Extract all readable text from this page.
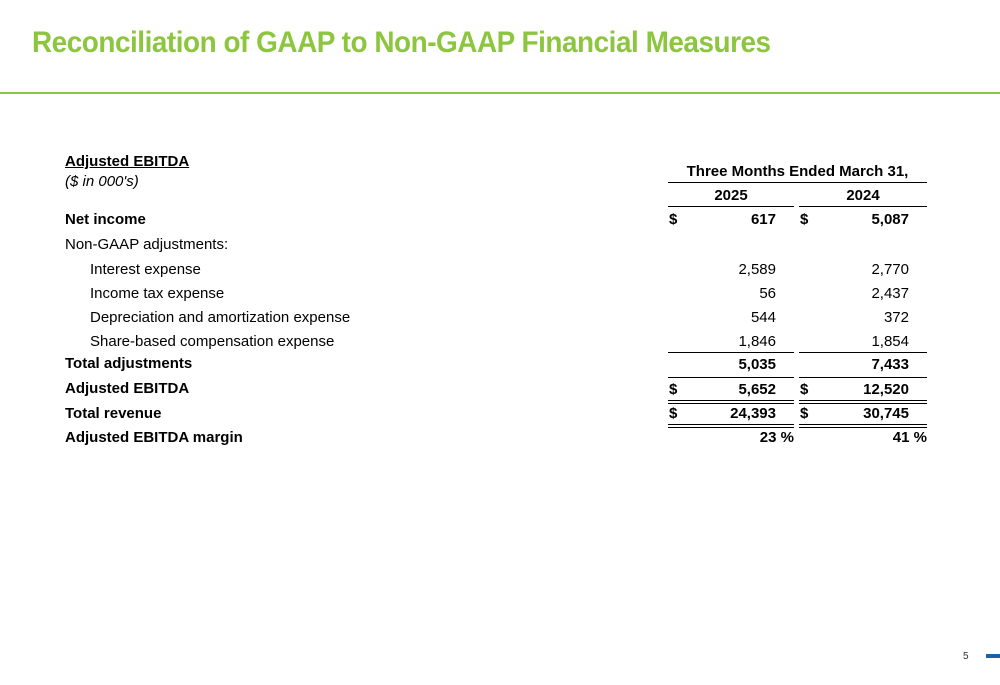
Reconciliation of GAAP to Non-GAAP Financial Measures
Adjusted EBITDA
($ in 000's)
Three Months Ended March 31,
2025	2024
Net income	$	617 $	5,087
Non-GAAP adjustments:
Interest expense	2,589	2,770
Income tax expense	56	2,437
Depreciation and amortization expense	544	372
Share-based compensation expense	1,846	1,854
Total adjustments	5,035	7,433
Adjusted EBITDA	$	5,652 $	12,520
Total revenue	$	24,393 $	30,745
Adjusted EBITDA margin	23 %	41 %
5
